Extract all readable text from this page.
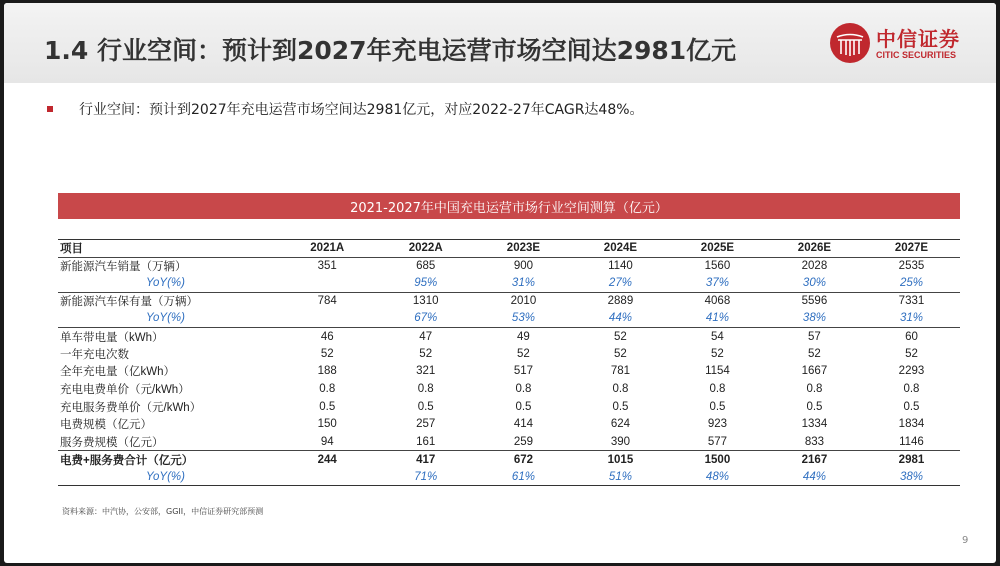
1.4 行业空间：预计到2027年充电运营市场空间达2981亿元	中信证券
CITIC SECURITIES
行业空间：预计到2027年充电运营市场空间达2981亿元，对应2022-27年CAGR达48%。
2021-2027年中国充电运营市场行业空间测算（亿元）
项目	2021A	2022A	2023E	2024E	2025E	2026E	2027E
新能源汽车销量（万辆）	351	685	900	1140	1560	2028	2535
YoY(%)		95%	31%	27%	37%	30%	25%
新能源汽车保有量（万辆）	784	1310	2010	2889	4068	5596	7331
YoY(%)		67%	53%	44%	41%	38%	31%
单车带电量（kWh）	46	47	49	52	54	57	60
一年充电次数	52	52	52	52	52	52	52
全年充电量（亿kWh）	188	321	517	781	1154	1667	2293
充电电费单价（元/kWh）	0.8	0.8	0.8	0.8	0.8	0.8	0.8
充电服务费单价（元/kWh）	0.5	0.5	0.5	0.5	0.5	0.5	0.5
电费规模（亿元）	150	257	414	624	923	1334	1834
服务费规模（亿元）	94	161	259	390	577	833	1146
电费+服务费合计（亿元）	244	417	672	1015	1500	2167	2981
YoY(%)		71%	61%	51%	48%	44%	38%
资料来源：中汽协，公安部，GGII，中信证券研究部预测
9
